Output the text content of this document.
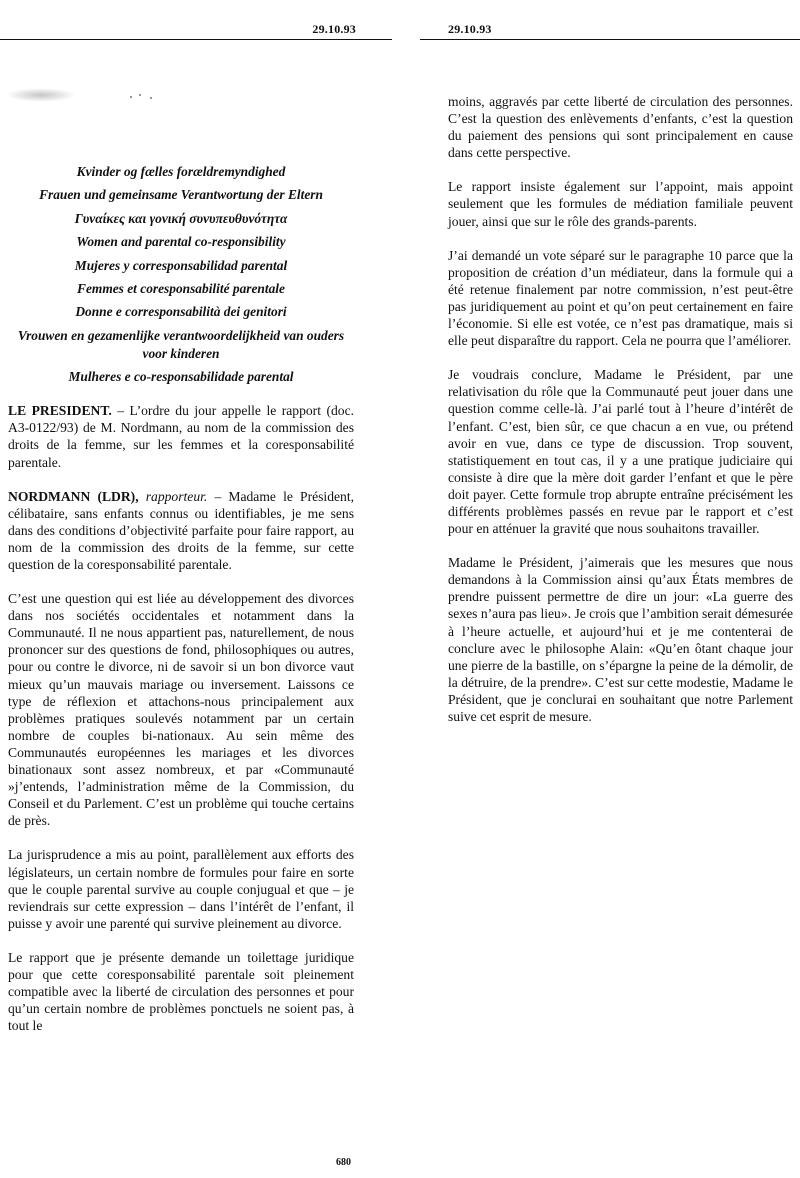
29.10.93
Kvinder og fælles forældremyndighed
Frauen und gemeinsame Verantwortung der Eltern
Γυναίκες και γονική συνυπευθυνότητα
Women and parental co-responsibility
Mujeres y corresponsabilidad parental
Femmes et coresponsabilité parentale
Donne e corresponsabilità dei genitori
Vrouwen en gezamenlijke verantwoordelijkheid van ouders voor kinderen
Mulheres e co-responsabilidade parental

LE PRESIDENT. – L’ordre du jour appelle le rapport (doc. A3-0122/93) de M. Nordmann, au nom de la commission des droits de la femme, sur les femmes et la coresponsabilité parentale.

NORDMANN (LDR), rapporteur. – Madame le Président, célibataire, sans enfants connus ou identifiables, je me sens dans des conditions d’objectivité parfaite pour faire rapport, au nom de la commission des droits de la femme, sur cette question de la coresponsabilité parentale.

C’est une question qui est liée au développement des divorces dans nos sociétés occidentales et notamment dans la Communauté. Il ne nous appartient pas, naturellement, de nous prononcer sur des questions de fond, philosophiques ou autres, pour ou contre le divorce, ni de savoir si un bon divorce vaut mieux qu’un mauvais mariage ou inversement. Laissons ce type de réflexion et attachons-nous principalement aux problèmes pratiques soulevés notamment par un certain nombre de couples bi-nationaux. Au sein même des Communautés européennes les mariages et les divorces binationaux sont assez nombreux, et par «Communauté »j’entends, l’administration même de la Commission, du Conseil et du Parlement. C’est un problème qui touche certains de près.

La jurisprudence a mis au point, parallèlement aux efforts des législateurs, un certain nombre de formules pour faire en sorte que le couple parental survive au couple conjugual et que – je reviendrais sur cette expression – dans l’intérêt de l’enfant, il puisse y avoir une parenté qui survive pleinement au divorce.

Le rapport que je présente demande un toilettage juridique pour que cette coresponsabilité parentale soit pleinement compatible avec la liberté de circulation des personnes et pour qu’un certain nombre de problèmes ponctuels ne soient pas, à tout le

680
29.10.93

moins, aggravés par cette liberté de circulation des personnes. C’est la question des enlèvements d’enfants, c’est la question du paiement des pensions qui sont principalement en cause dans cette perspective.

Le rapport insiste également sur l’appoint, mais appoint seulement que les formules de médiation familiale peuvent jouer, ainsi que sur le rôle des grands-parents.

J’ai demandé un vote séparé sur le paragraphe 10 parce que la proposition de création d’un médiateur, dans la formule qui a été retenue finalement par notre commission, n’est peut-être pas juridiquement au point et qu’on peut certainement en faire l’économie. Si elle est votée, ce n’est pas dramatique, mais si elle peut disparaître du rapport. Cela ne pourra que l’améliorer.

Je voudrais conclure, Madame le Président, par une relativisation du rôle que la Communauté peut jouer dans une question comme celle-là. J’ai parlé tout à l’heure d’intérêt de l’enfant. C’est, bien sûr, ce que chacun a en vue, ou prétend avoir en vue, dans ce type de discussion. Trop souvent, statistiquement en tout cas, il y a une pratique judiciaire qui consiste à dire que la mère doit garder l’enfant et que le père doit payer. Cette formule trop abrupte entraîne précisément les différents problèmes passés en revue par le rapport et c’est pour en atténuer la gravité que nous souhaitons travailler.

Madame le Président, j’aimerais que les mesures que nous demandons à la Commission ainsi qu’aux États membres de prendre puissent permettre de dire un jour: «La guerre des sexes n’aura pas lieu». Je crois que l’ambition serait démesurée à l’heure actuelle, et aujourd’hui et je me contenterai de conclure avec le philosophe Alain: «Qu’en ôtant chaque jour une pierre de la bastille, on s’épargne la peine de la démolir, de la détruire, de la prendre». C’est sur cette modestie, Madame le Président, que je conclurai en souhaitant que notre Parlement suive cet esprit de mesure.
